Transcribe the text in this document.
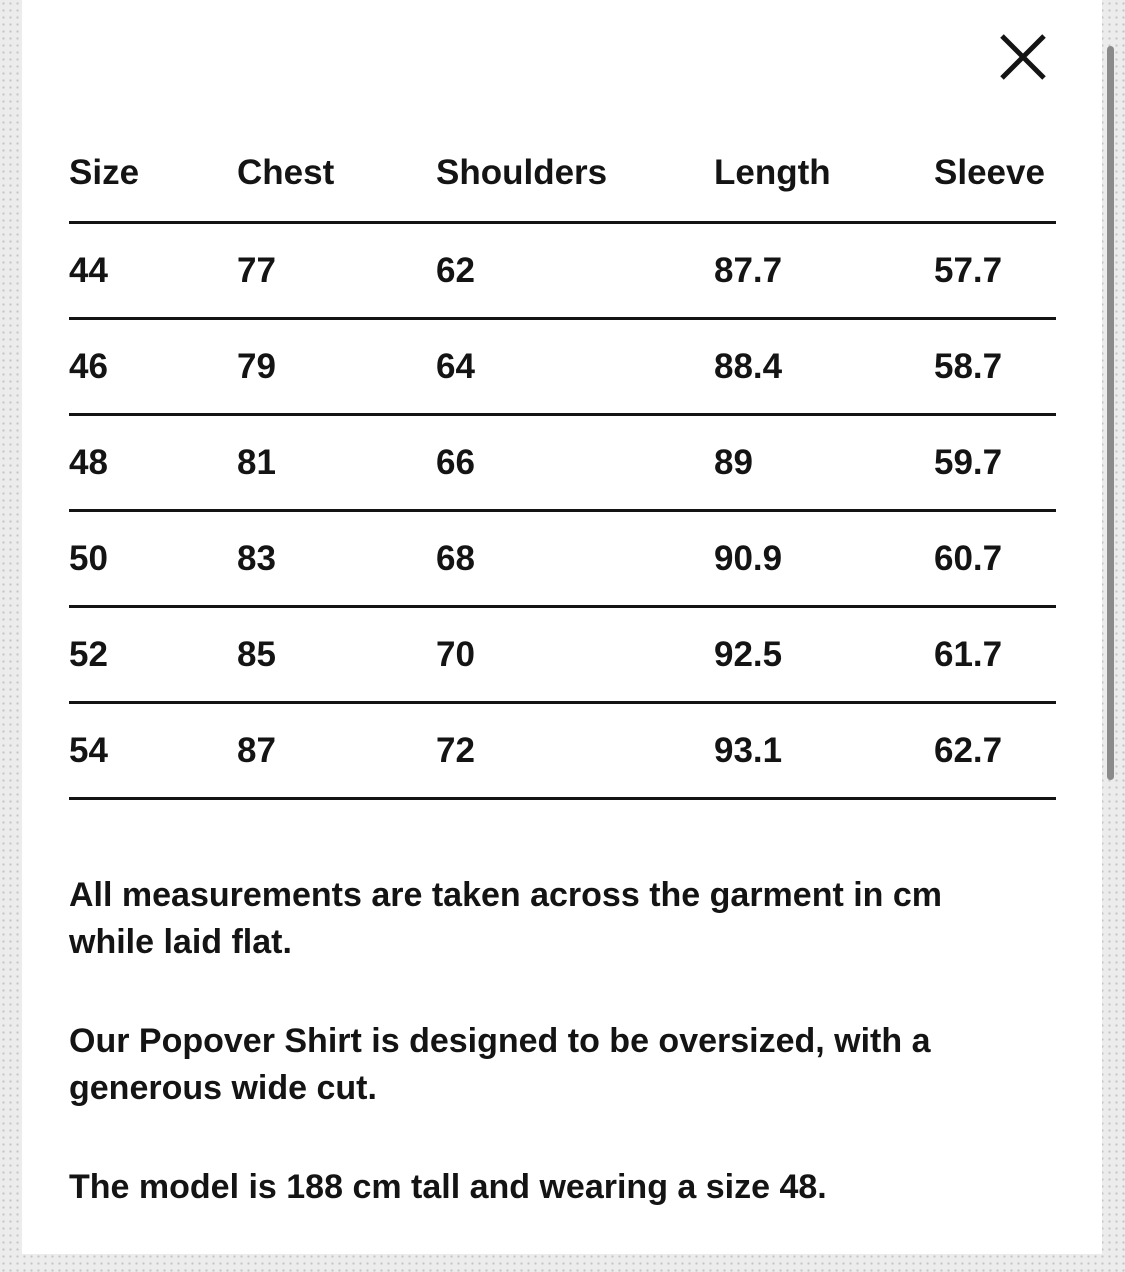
Size	Chest	Shoulders	Length	Sleeve
44	77	62	87.7	57.7
46	79	64	88.4	58.7
48	81	66	89	59.7
50	83	68	90.9	60.7
52	85	70	92.5	61.7
54	87	72	93.1	62.7

All measurements are taken across the garment in cm while laid flat.

Our Popover Shirt is designed to be oversized, with a generous wide cut.

The model is 188 cm tall and wearing a size 48.
